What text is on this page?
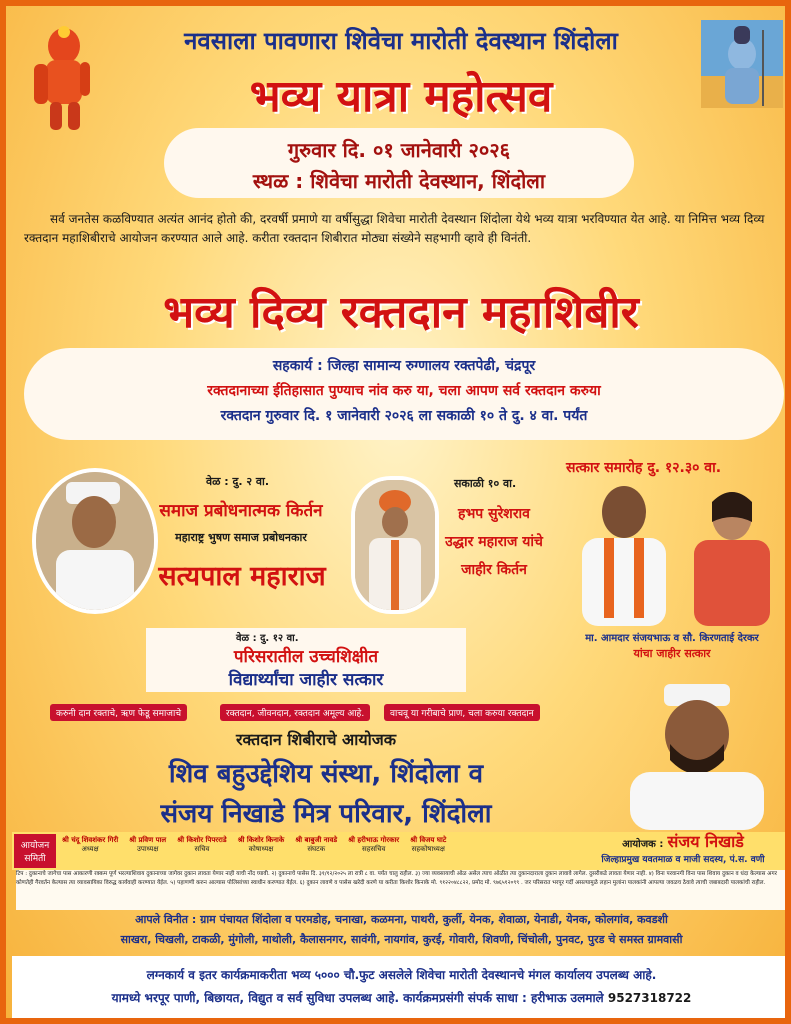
नवसाला पावणारा शिवेचा मारोती देवस्थान शिंदोला
भव्य यात्रा महोत्सव
गुरुवार दि. ०१ जानेवारी २०२६
स्थळ : शिवेचा मारोती देवस्थान, शिंदोला
सर्व जनतेस कळविण्यात अत्यंत आनंद होतो की, दरवर्षी प्रमाणे या वर्षीसुद्धा शिवेचा मारोती देवस्थान शिंदोला येथे भव्य यात्रा भरविण्यात येत आहे. या निमित्त भव्य दिव्य रक्तदान महाशिबीराचे आयोजन करण्यात आले आहे. करीता रक्तदान शिबीरात मोठ्या संख्येने सहभागी व्हावे ही विनंती.
भव्य दिव्य रक्तदान महाशिबीर
सहकार्य : जिल्हा सामान्य रुग्णालय रक्तपेढी, चंद्रपूर
रक्तदानाच्या ईतिहासात पुण्याच नांव करु या, चला आपण सर्व रक्तदान करुया
रक्तदान गुरुवार दि. १ जानेवारी २०२६ ला सकाळी १० ते दु. ४ वा. पर्यंत
वेळ : दु. २ वा.
समाज प्रबोधनात्मक किर्तन
महाराष्ट्र भुषण समाज प्रबोधनकार
सत्यपाल महाराज
सकाळी १० वा.
हभप सुरेशराव
उद्धार महाराज यांचे
जाहीर किर्तन
सत्कार समारोह दु. १२.३० वा.
मा. आमदार संजयभाऊ व सौ. किरणताई देरकर
यांचा जाहीर सत्कार
वेळ : दु. १२ वा.
परिसरातील उच्चशिक्षीत
विद्यार्थ्यांचा जाहीर सत्कार
करुनी दान रक्ताचे, ऋण फेडू समाजाचे	रक्तदान, जीवनदान, रक्तदान अमूल्य आहे.	वाचवू या गरीबाचे प्राण, चला करुया रक्तदान
रक्तदान शिबीराचे आयोजक
शिव बहुउद्देशिय संस्था, शिंदोला व
संजय निखाडे मित्र परिवार, शिंदोला
आयोजन
समिती
श्री चंदू शिवशंकर गिरी
अध्यक्ष
श्री प्रविण पाल
उपाध्यक्ष
श्री किशोर पिपरराडे
सचिव
श्री किशोर किनाके
कोषाध्यक्ष
श्री बाबुजी नावडे
संघटक
श्री हरीभाऊ गोरकार
सहसचिव
श्री विजय घाटे
सहकोषाध्यक्ष	आयोजक : संजय निखाडे
जिल्हाप्रमुख यवतमाळ व माजी सदस्य, पं.स. वणी
टिप : दुकानाचे जागेचा पास आकारणी रक्कम पूर्ण भरल्याशिवाय दुकानाच्या जागेवर दुकान लावता येणार नाही याची नोंद घ्यावी. २) दुकानाचे पासेस दि. ३१/१२/२०२५ ला रात्री ८ वा. पर्यंत चालु राहील. ३) ज्या व्यवसायाची ओळ असेल त्याच ओळीत त्या दुकानदाराला दुकान लावावे लागेल. दुसरीकडे लावता येणार नाही. ४) विना परवानगी विना पास शिवाय दुकान व धंदा केल्यास अगर कोणतेही गैरवर्तन केल्यास त्या व्यावसायिका विरुद्ध कार्यवाही करण्यात येईल. ५) पहाणणी करुन आल्यास पोलिसांच्या स्वाधीन करण्यात येईल. ६) दुकान लावणे व पासेस खरेदी करणे या करीता किशोर किनाके मो. ९१२२०४८८२२, प्रमोद मो. ९७६५१२०९९ . जर परिसरात भरपूर गर्दी असल्यामुळे लहान मुलांना पालकांनी आपल्या जवळच ठेवावे त्याची जबाबदारी पालकांची राहील.
आपले विनीत : ग्राम पंचायत शिंदोला व परमडोह, चनाखा, कळमना, पाथरी, कुर्ली, येनक, शेवाळा, येनाडी, येनक, कोलगांव, कवडशी
साखरा, चिखली, टाकळी, मुंगोली, माथोली, कैलासनगर, सावंगी, नायगांव, कुरई, गोवारी, शिवणी, चिंचोली, पुनवट, पुरड चे समस्त ग्रामवासी
लग्नकार्य व इतर कार्यक्रमाकरीता भव्य ५००० चौ.फुट असलेले शिवेचा मारोती देवस्थानचे मंगल कार्यालय उपलब्ध आहे.
यामध्ये भरपूर पाणी, बिछायत, विद्युत व सर्व सुविधा उपलब्ध आहे. कार्यक्रमप्रसंगी संपर्क साधा : हरीभाऊ उलमाले 9527318722
